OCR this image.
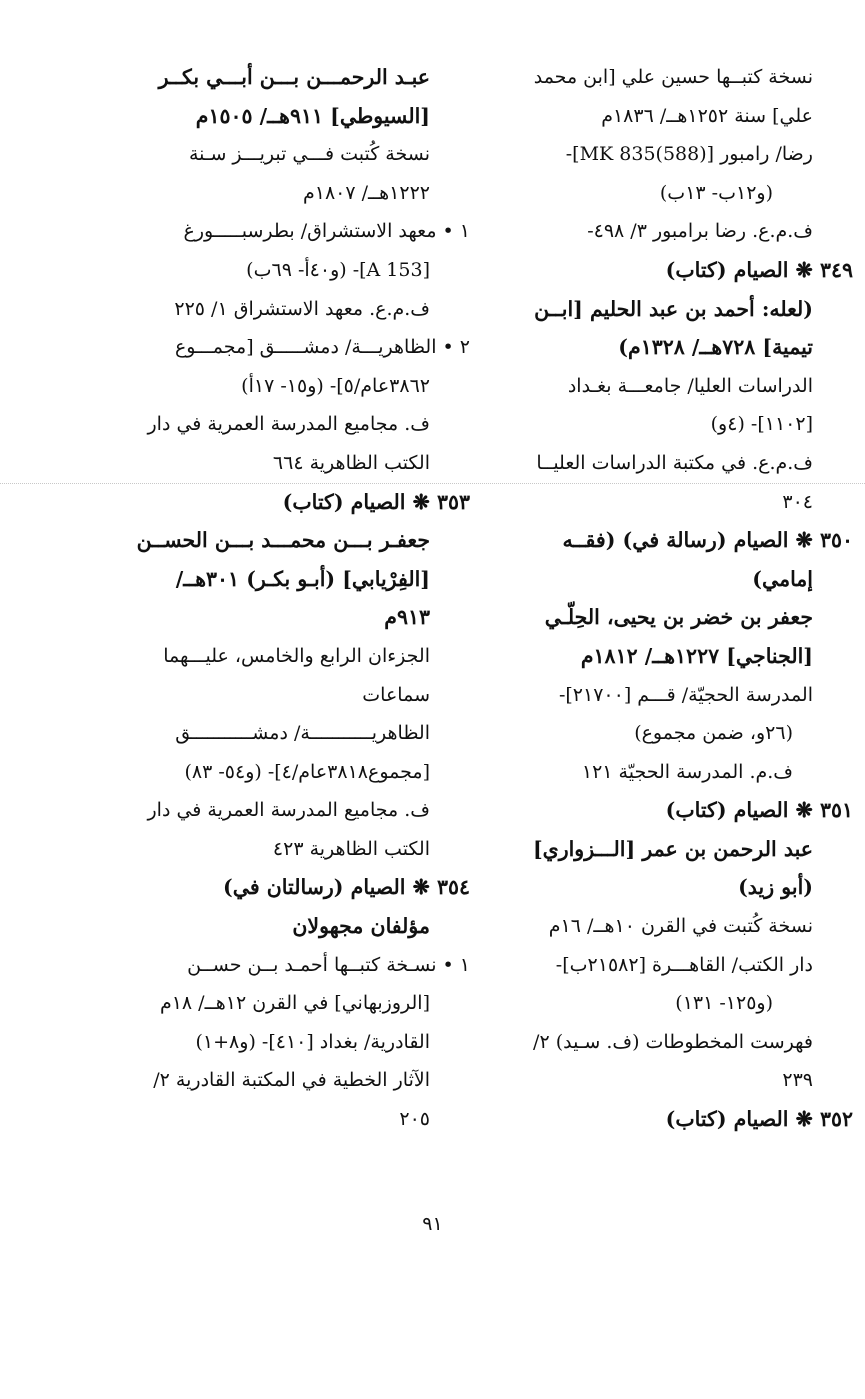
نسخة كتبــها حسين علي [ابن محمد
علي] سنة ١٢٥٢هــ/ ١٨٣٦م
رضا/ رامبور [MK 835(588)]-
(و١٢ب- ١٣ب)
ف.م.ع. رضا برامبور ٣/ ٤٩٨-
٣٤٩ ❋ الصيام (كتاب)
(لعله: أحمد بن عبد الحليم [ابــن
تيمية] ٧٢٨هــ/ ١٣٢٨م)
الدراسات العليا/ جامعـــة بغـداد
[١١٠٢]- (٤و)
ف.م.ع. في مكتبة الدراسات العليــا
٣٠٤
٣٥٠ ❋ الصيام (رسالة في) (فقــه
إمامي)
جعفر بن خضر بن يحيى، الحِلّـي
[الجناجي] ١٢٢٧هــ/ ١٨١٢م
المدرسة الحجيّة/ قـــم [٢١٧٠٠]-
(٢٦و، ضمن مجموع)
ف.م. المدرسة الحجيّة ١٢١
٣٥١ ❋ الصيام (كتاب)
عبد الرحمن بن عمر [الـــزواري]
(أبو زيد)
نسخة كُتبت في القرن ١٠هــ/ ١٦م
دار الكتب/ القاهـــرة [٢١٥٨٢ب]-
(و١٢٥- ١٣١)
فهرست المخطوطات (ف. سـيد) ٢/
٢٣٩
٣٥٢ ❋ الصيام (كتاب)
عبـد الرحمـــن بـــن أبـــي بكــر
[السيوطي] ٩١١هــ/ ١٥٠٥م
نسخة كُتبت فـــي تبريـــز سـنة
١٢٢٢هــ/ ١٨٠٧م
١ • معهد الاستشراق/ بطرسبـــــورغ
[A 153]- (و٤٠أ- ٦٩ب)
ف.م.ع. معهد الاستشراق ١/ ٢٢٥
٢ • الظاهريـــة/ دمشـــــق [مجمـــوع
٣٨٦٢عام/٥]- (و١٥- ١٧أ)
ف. مجاميع المدرسة العمرية في دار
الكتب الظاهرية ٦٦٤
٣٥٣ ❋ الصيام (كتاب)
جعفـر بـــن محمـــد بـــن الحســن
[الفِرْيابي] (أبـو بكـر) ٣٠١هــ/
٩١٣م
الجزءان الرابع والخامس، عليـــهما
سماعات
الظاهريـــــــــــة/ دمشـــــــــــق
[مجموع٣٨١٨عام/٤]- (و٥٤- ٨٣)
ف. مجاميع المدرسة العمرية في دار
الكتب الظاهرية ٤٢٣
٣٥٤ ❋ الصيام (رسالتان في)
مؤلفان مجهولان
١ • نسـخة كتبــها أحمـد بــن حســن
[الروزبهاني] في القرن ١٢هــ/ ١٨م
القادرية/ بغداد [٤١٠]- (و٨+١)
الآثار الخطية في المكتبة القادرية ٢/
٢٠٥
٩١
